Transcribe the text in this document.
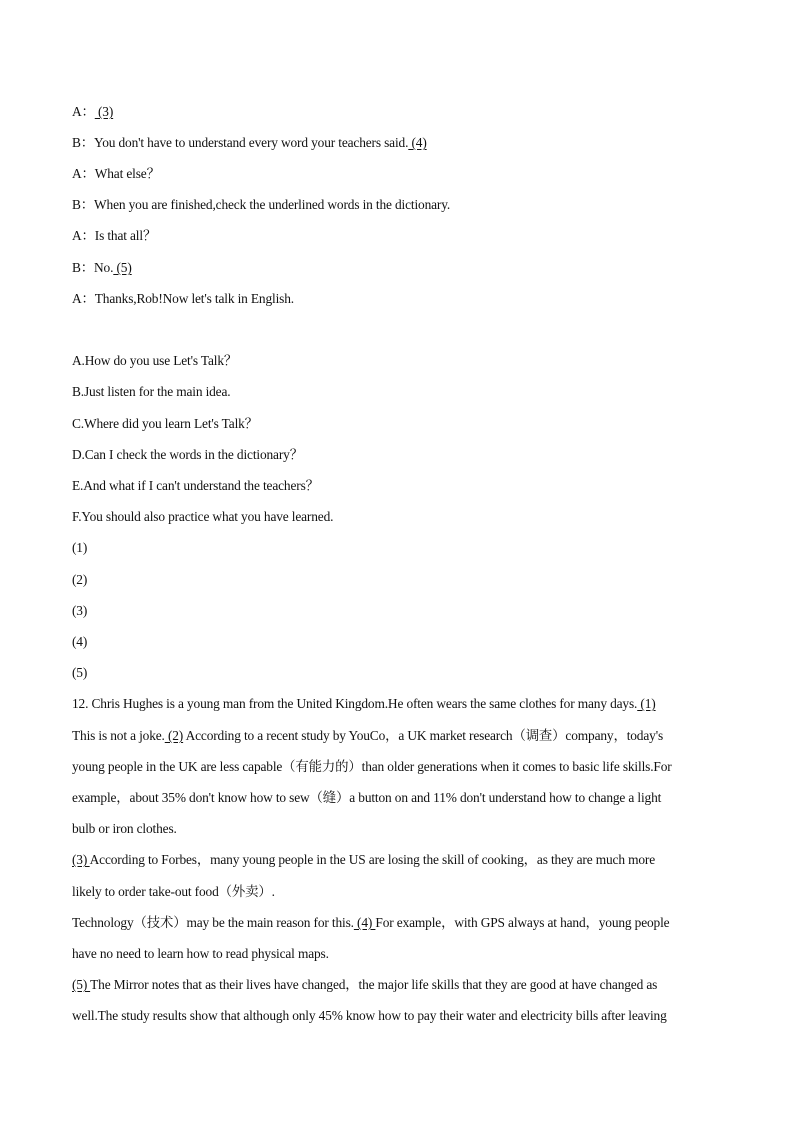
A： (3)
B：You don't have to understand every word your teachers said. (4)
A：What else？
B：When you are finished,check the underlined words in the dictionary.
A：Is that all？
B：No. (5)
A：Thanks,Rob!Now let's talk in English.
A.How do you use Let's Talk？
B.Just listen for the main idea.
C.Where did you learn Let's Talk？
D.Can I check the words in the dictionary？
E.And what if I can't understand the teachers？
F.You should also practice what you have learned.
(1)
(2)
(3)
(4)
(5)
12. Chris Hughes is a young man from the United Kingdom.He often wears the same clothes for many days. (1)
This is not a joke. (2) According to a recent study by YouCo，a UK market research（调查）company，today's
young people in the UK are less capable（有能力的）than older generations when it comes to basic life skills.For
example，about 35% don't know how to sew（缝）a button on and 11% don't understand how to change a light
bulb or iron clothes.
(3) According to Forbes，many young people in the US are losing the skill of cooking，as they are much more
likely to order take-out food（外卖）.
Technology（技术）may be the main reason for this. (4) For example，with GPS always at hand，young people
have no need to learn how to read physical maps.
(5) The Mirror notes that as their lives have changed，the major life skills that they are good at have changed as
well.The study results show that although only 45% know how to pay their water and electricity bills after leaving
